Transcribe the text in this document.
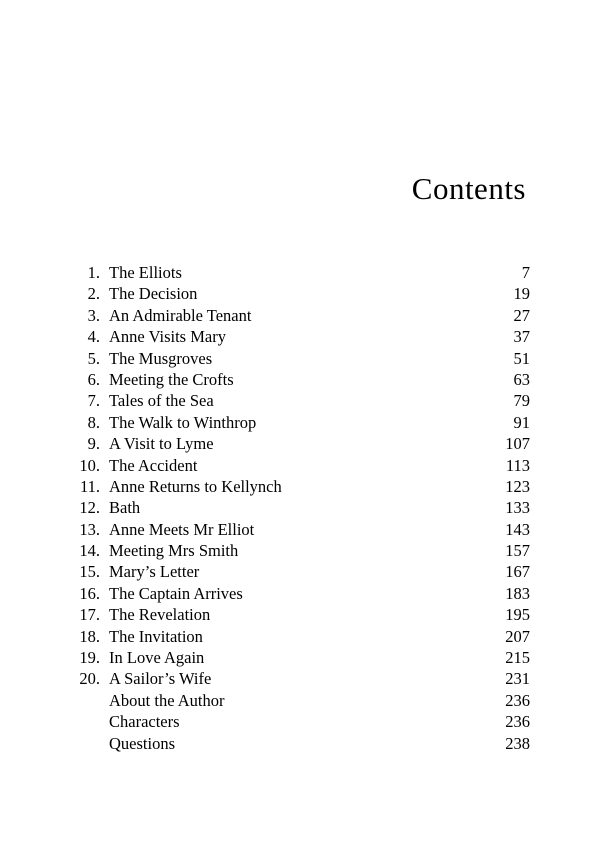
Contents
1. The Elliots	7
2. The Decision	19
3. An Admirable Tenant	27
4. Anne Visits Mary	37
5. The Musgroves	51
6. Meeting the Crofts	63
7. Tales of the Sea	79
8. The Walk to Winthrop	91
9. A Visit to Lyme	107
10. The Accident	113
11. Anne Returns to Kellynch	123
12. Bath	133
13. Anne Meets Mr Elliot	143
14. Meeting Mrs Smith	157
15. Mary’s Letter	167
16. The Captain Arrives	183
17. The Revelation	195
18. The Invitation	207
19. In Love Again	215
20. A Sailor’s Wife	231
About the Author	236
Characters	236
Questions	238
